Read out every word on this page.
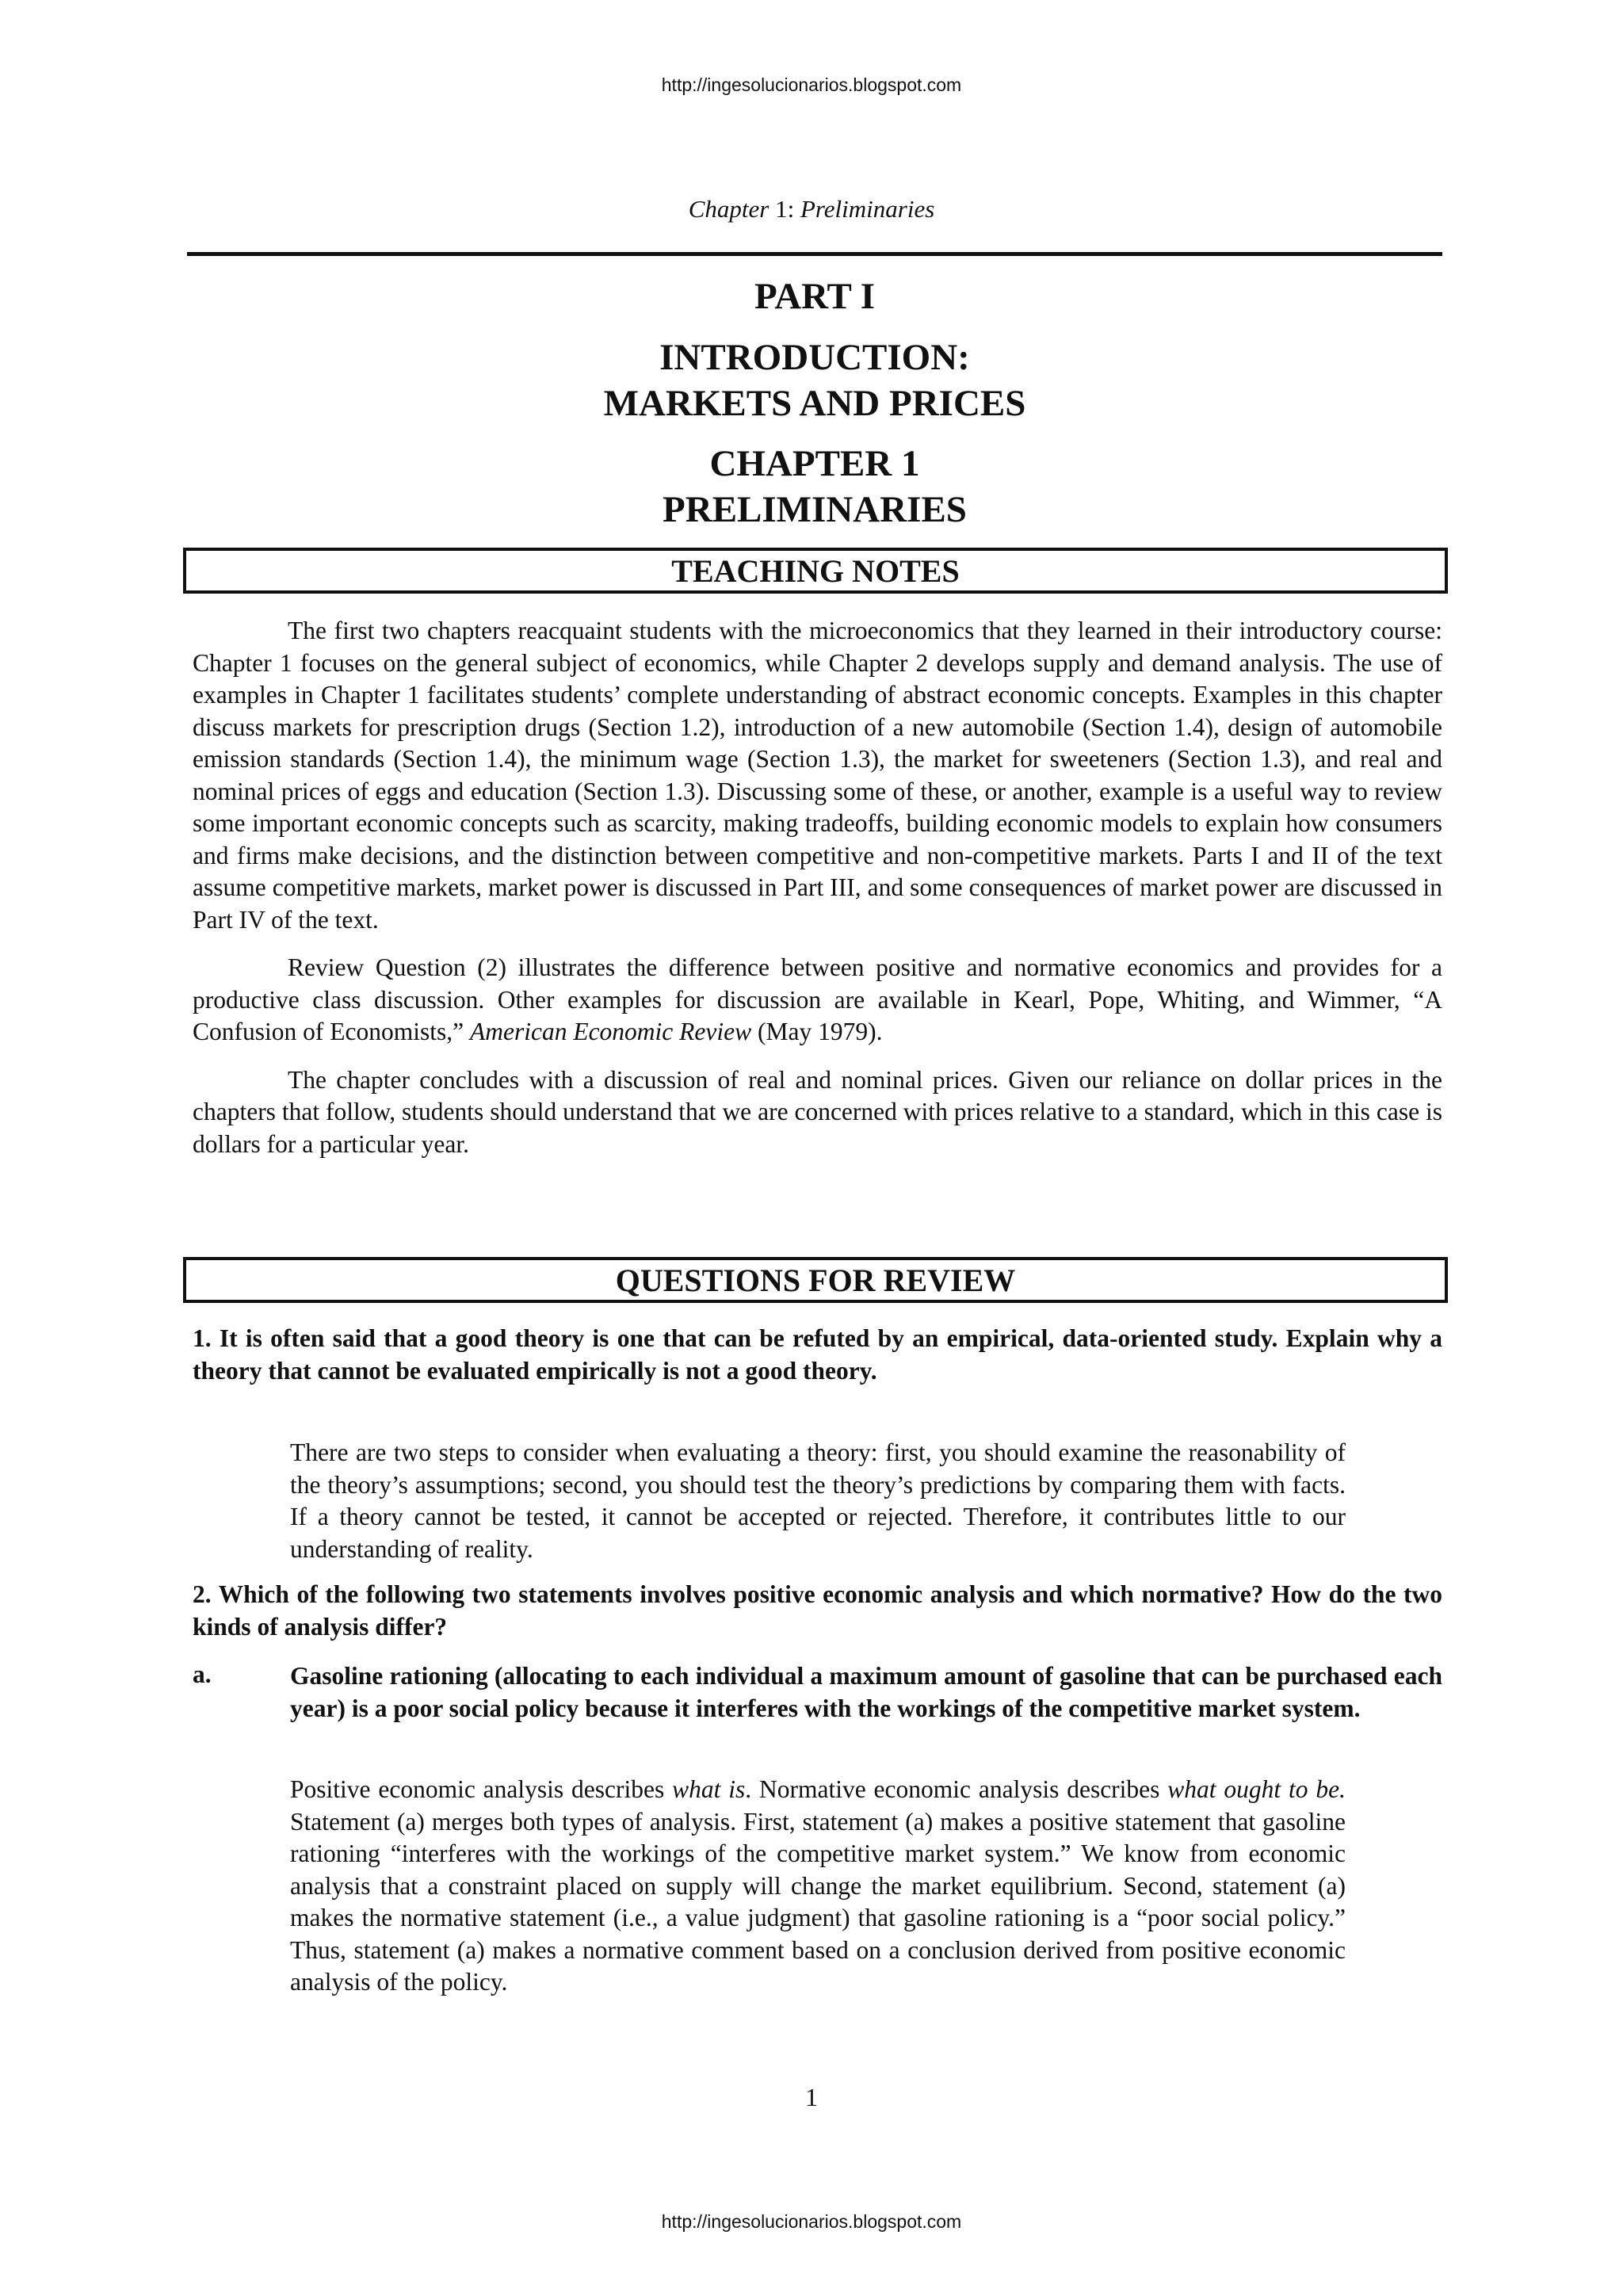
http://ingesolucionarios.blogspot.com
Chapter 1: Preliminaries
PART I
INTRODUCTION:
MARKETS AND PRICES
CHAPTER 1
PRELIMINARIES
TEACHING NOTES

The first two chapters reacquaint students with the microeconomics that they learned in their introductory course: Chapter 1 focuses on the general subject of economics, while Chapter 2 develops supply and demand analysis. The use of examples in Chapter 1 facilitates students’ complete understanding of abstract economic concepts. Examples in this chapter discuss markets for prescription drugs (Section 1.2), introduction of a new automobile (Section 1.4), design of automobile emission standards (Section 1.4), the minimum wage (Section 1.3), the market for sweeteners (Section 1.3), and real and nominal prices of eggs and education (Section 1.3). Discussing some of these, or another, example is a useful way to review some important economic concepts such as scarcity, making tradeoffs, building economic models to explain how consumers and firms make decisions, and the distinction between competitive and non-competitive markets. Parts I and II of the text assume competitive markets, market power is discussed in Part III, and some consequences of market power are discussed in Part IV of the text.

Review Question (2) illustrates the difference between positive and normative economics and provides for a productive class discussion. Other examples for discussion are available in Kearl, Pope, Whiting, and Wimmer, “A Confusion of Economists,” American Economic Review (May 1979).

The chapter concludes with a discussion of real and nominal prices. Given our reliance on dollar prices in the chapters that follow, students should understand that we are concerned with prices relative to a standard, which in this case is dollars for a particular year.

QUESTIONS FOR REVIEW

1. It is often said that a good theory is one that can be refuted by an empirical, data-oriented study. Explain why a theory that cannot be evaluated empirically is not a good theory.

There are two steps to consider when evaluating a theory: first, you should examine the reasonability of the theory’s assumptions; second, you should test the theory’s predictions by comparing them with facts. If a theory cannot be tested, it cannot be accepted or rejected. Therefore, it contributes little to our understanding of reality.

2. Which of the following two statements involves positive economic analysis and which normative? How do the two kinds of analysis differ?

a.	Gasoline rationing (allocating to each individual a maximum amount of gasoline that can be purchased each year) is a poor social policy because it interferes with the workings of the competitive market system.

Positive economic analysis describes what is. Normative economic analysis describes what ought to be. Statement (a) merges both types of analysis. First, statement (a) makes a positive statement that gasoline rationing “interferes with the workings of the competitive market system.” We know from economic analysis that a constraint placed on supply will change the market equilibrium. Second, statement (a) makes the normative statement (i.e., a value judgment) that gasoline rationing is a “poor social policy.” Thus, statement (a) makes a normative comment based on a conclusion derived from positive economic analysis of the policy.

1
http://ingesolucionarios.blogspot.com
